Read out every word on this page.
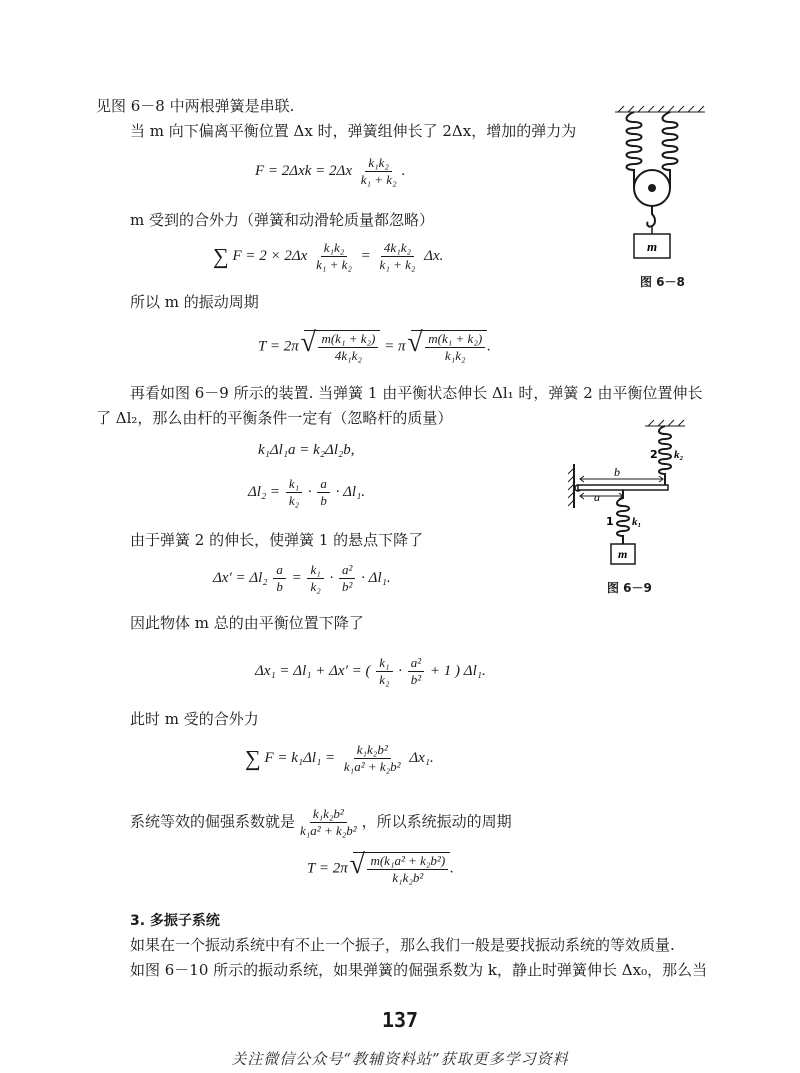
见图 6－8 中两根弹簧是串联.
当 m 向下偏离平衡位置 Δx 时，弹簧组伸长了 2Δx，增加的弹力为
$F = 2\Delta xk = 2\Delta x \frac{\text{k₁k₂}}{\text{k₁ + k₂}}$ .
m 受到的合外力（弹簧和动滑轮质量都忽略）
∑ $F = 2 \times 2\Delta x \frac{\text{k₁k₂}}{\text{k₁ + k₂}} = \frac{\text{4k₁k₂}}{\text{k₁ + k₂}} \Delta x$.
所以 m 的振动周期
T = 2π √ $\frac{\text{m(k₁ + k₂)}}{\text{4k₁k₂}} = \pi$ √ $\frac{\text{m(k₁ + k₂)}}{\text{k₁k₂}}$ .
再看如图 6－9 所示的装置. 当弹簧 1 由平衡状态伸长 Δl₁ 时，弹簧 2 由平衡位置伸长
了 Δl₂，那么由杆的平衡条件一定有（忽略杆的质量）
k₁Δl₁a = k₂Δl₂b,
$\Delta l_2 = \frac{\text{k₁}}{\text{k₂}} \cdot \frac{a}{b} \cdot \Delta l_1$.
由于弹簧 2 的伸长，使弹簧 1 的悬点下降了
$\Delta x' = \Delta l_2 \frac{a}{b} = \frac{\text{k₁}}{\text{k₂}} \cdot \frac{\text{a²}}{\text{b²}} \cdot \Delta l_1$.
因此物体 m 总的由平衡位置下降了
Δx₁ = Δl₁ + Δx′ = ( $\frac{\text{k₁}}{\text{k₂}} \cdot \frac{\text{a²}}{\text{b²}} + 1$ ) Δl₁.
此时 m 受的合外力
∑ $F = k_1\Delta l_1 = \frac{\text{k₁k₂b²}}{\text{k₁a² + k₂b²}} \Delta x_1$.
系统等效的倔强系数就是 $\frac{\text{k₁k₂b²}}{\text{k₁a² + k₂b²}}$ ，所以系统振动的周期
T = 2π √ $\frac{\text{m(k₁a² + k₂b²)}}{\text{k₁k₂b²}}$ .
3. 多振子系统
如果在一个振动系统中有不止一个振子，那么我们一般是要找振动系统的等效质量.
如图 6－10 所示的振动系统，如果弹簧的倔强系数为 k，静止时弹簧伸长 Δx₀，那么当
m
图 6－8
b
a
m
2 k₂
1 k₁
图 6－9
137
关注微信公众号“教辅资料站”获取更多学习资料
